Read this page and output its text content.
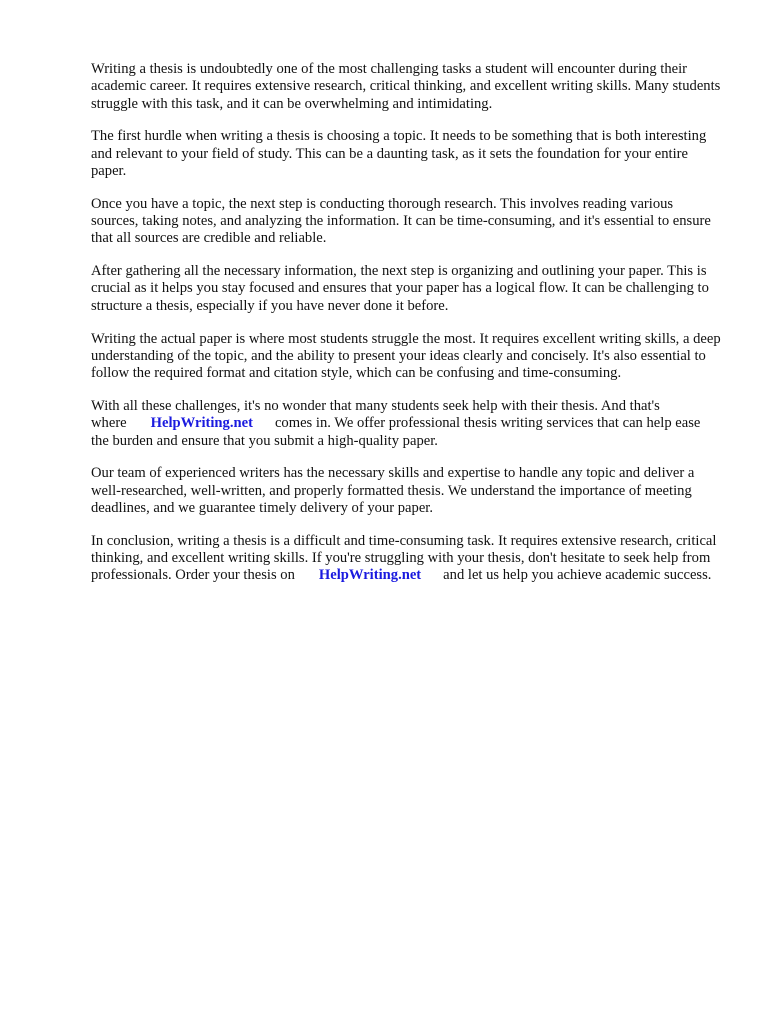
Writing a thesis is undoubtedly one of the most challenging tasks a student will encounter during their academic career. It requires extensive research, critical thinking, and excellent writing skills. Many students struggle with this task, and it can be overwhelming and intimidating.

The first hurdle when writing a thesis is choosing a topic. It needs to be something that is both interesting and relevant to your field of study. This can be a daunting task, as it sets the foundation for your entire paper.

Once you have a topic, the next step is conducting thorough research. This involves reading various sources, taking notes, and analyzing the information. It can be time-consuming, and it's essential to ensure that all sources are credible and reliable.

After gathering all the necessary information, the next step is organizing and outlining your paper. This is crucial as it helps you stay focused and ensures that your paper has a logical flow. It can be challenging to structure a thesis, especially if you have never done it before.

Writing the actual paper is where most students struggle the most. It requires excellent writing skills, a deep understanding of the topic, and the ability to present your ideas clearly and concisely. It's also essential to follow the required format and citation style, which can be confusing and time-consuming.

With all these challenges, it's no wonder that many students seek help with their thesis. And that's where HelpWriting.net comes in. We offer professional thesis writing services that can help ease the burden and ensure that you submit a high-quality paper.

Our team of experienced writers has the necessary skills and expertise to handle any topic and deliver a well-researched, well-written, and properly formatted thesis. We understand the importance of meeting deadlines, and we guarantee timely delivery of your paper.

In conclusion, writing a thesis is a difficult and time-consuming task. It requires extensive research, critical thinking, and excellent writing skills. If you're struggling with your thesis, don't hesitate to seek help from professionals. Order your thesis on HelpWriting.net and let us help you achieve academic success.
